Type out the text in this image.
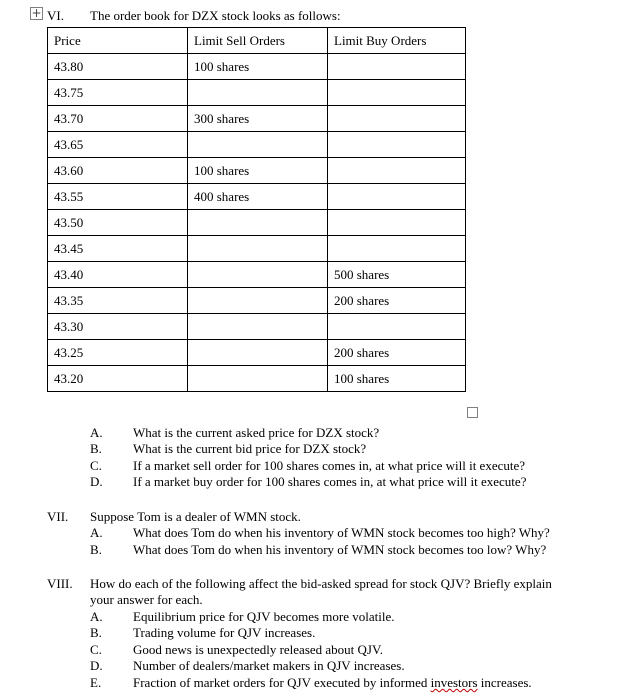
+ VI. The order book for DZX stock looks as follows:
Price	Limit Sell Orders	Limit Buy Orders
43.80	100 shares	
43.75		
43.70	300 shares	
43.65		
43.60	100 shares	
43.55	400 shares	
43.50		
43.45		
43.40		500 shares
43.35		200 shares
43.30		
43.25		200 shares
43.20		100 shares
A. What is the current asked price for DZX stock?
B. What is the current bid price for DZX stock?
C. If a market sell order for 100 shares comes in, at what price will it execute?
D. If a market buy order for 100 shares comes in, at what price will it execute?
VII. Suppose Tom is a dealer of WMN stock.
A. What does Tom do when his inventory of WMN stock becomes too high? Why?
B. What does Tom do when his inventory of WMN stock becomes too low? Why?
VIII. How do each of the following affect the bid-asked spread for stock QJV? Briefly explain
your answer for each.
A. Equilibrium price for QJV becomes more volatile.
B. Trading volume for QJV increases.
C. Good news is unexpectedly released about QJV.
D. Number of dealers/market makers in QJV increases.
E. Fraction of market orders for QJV executed by informed investors increases.
